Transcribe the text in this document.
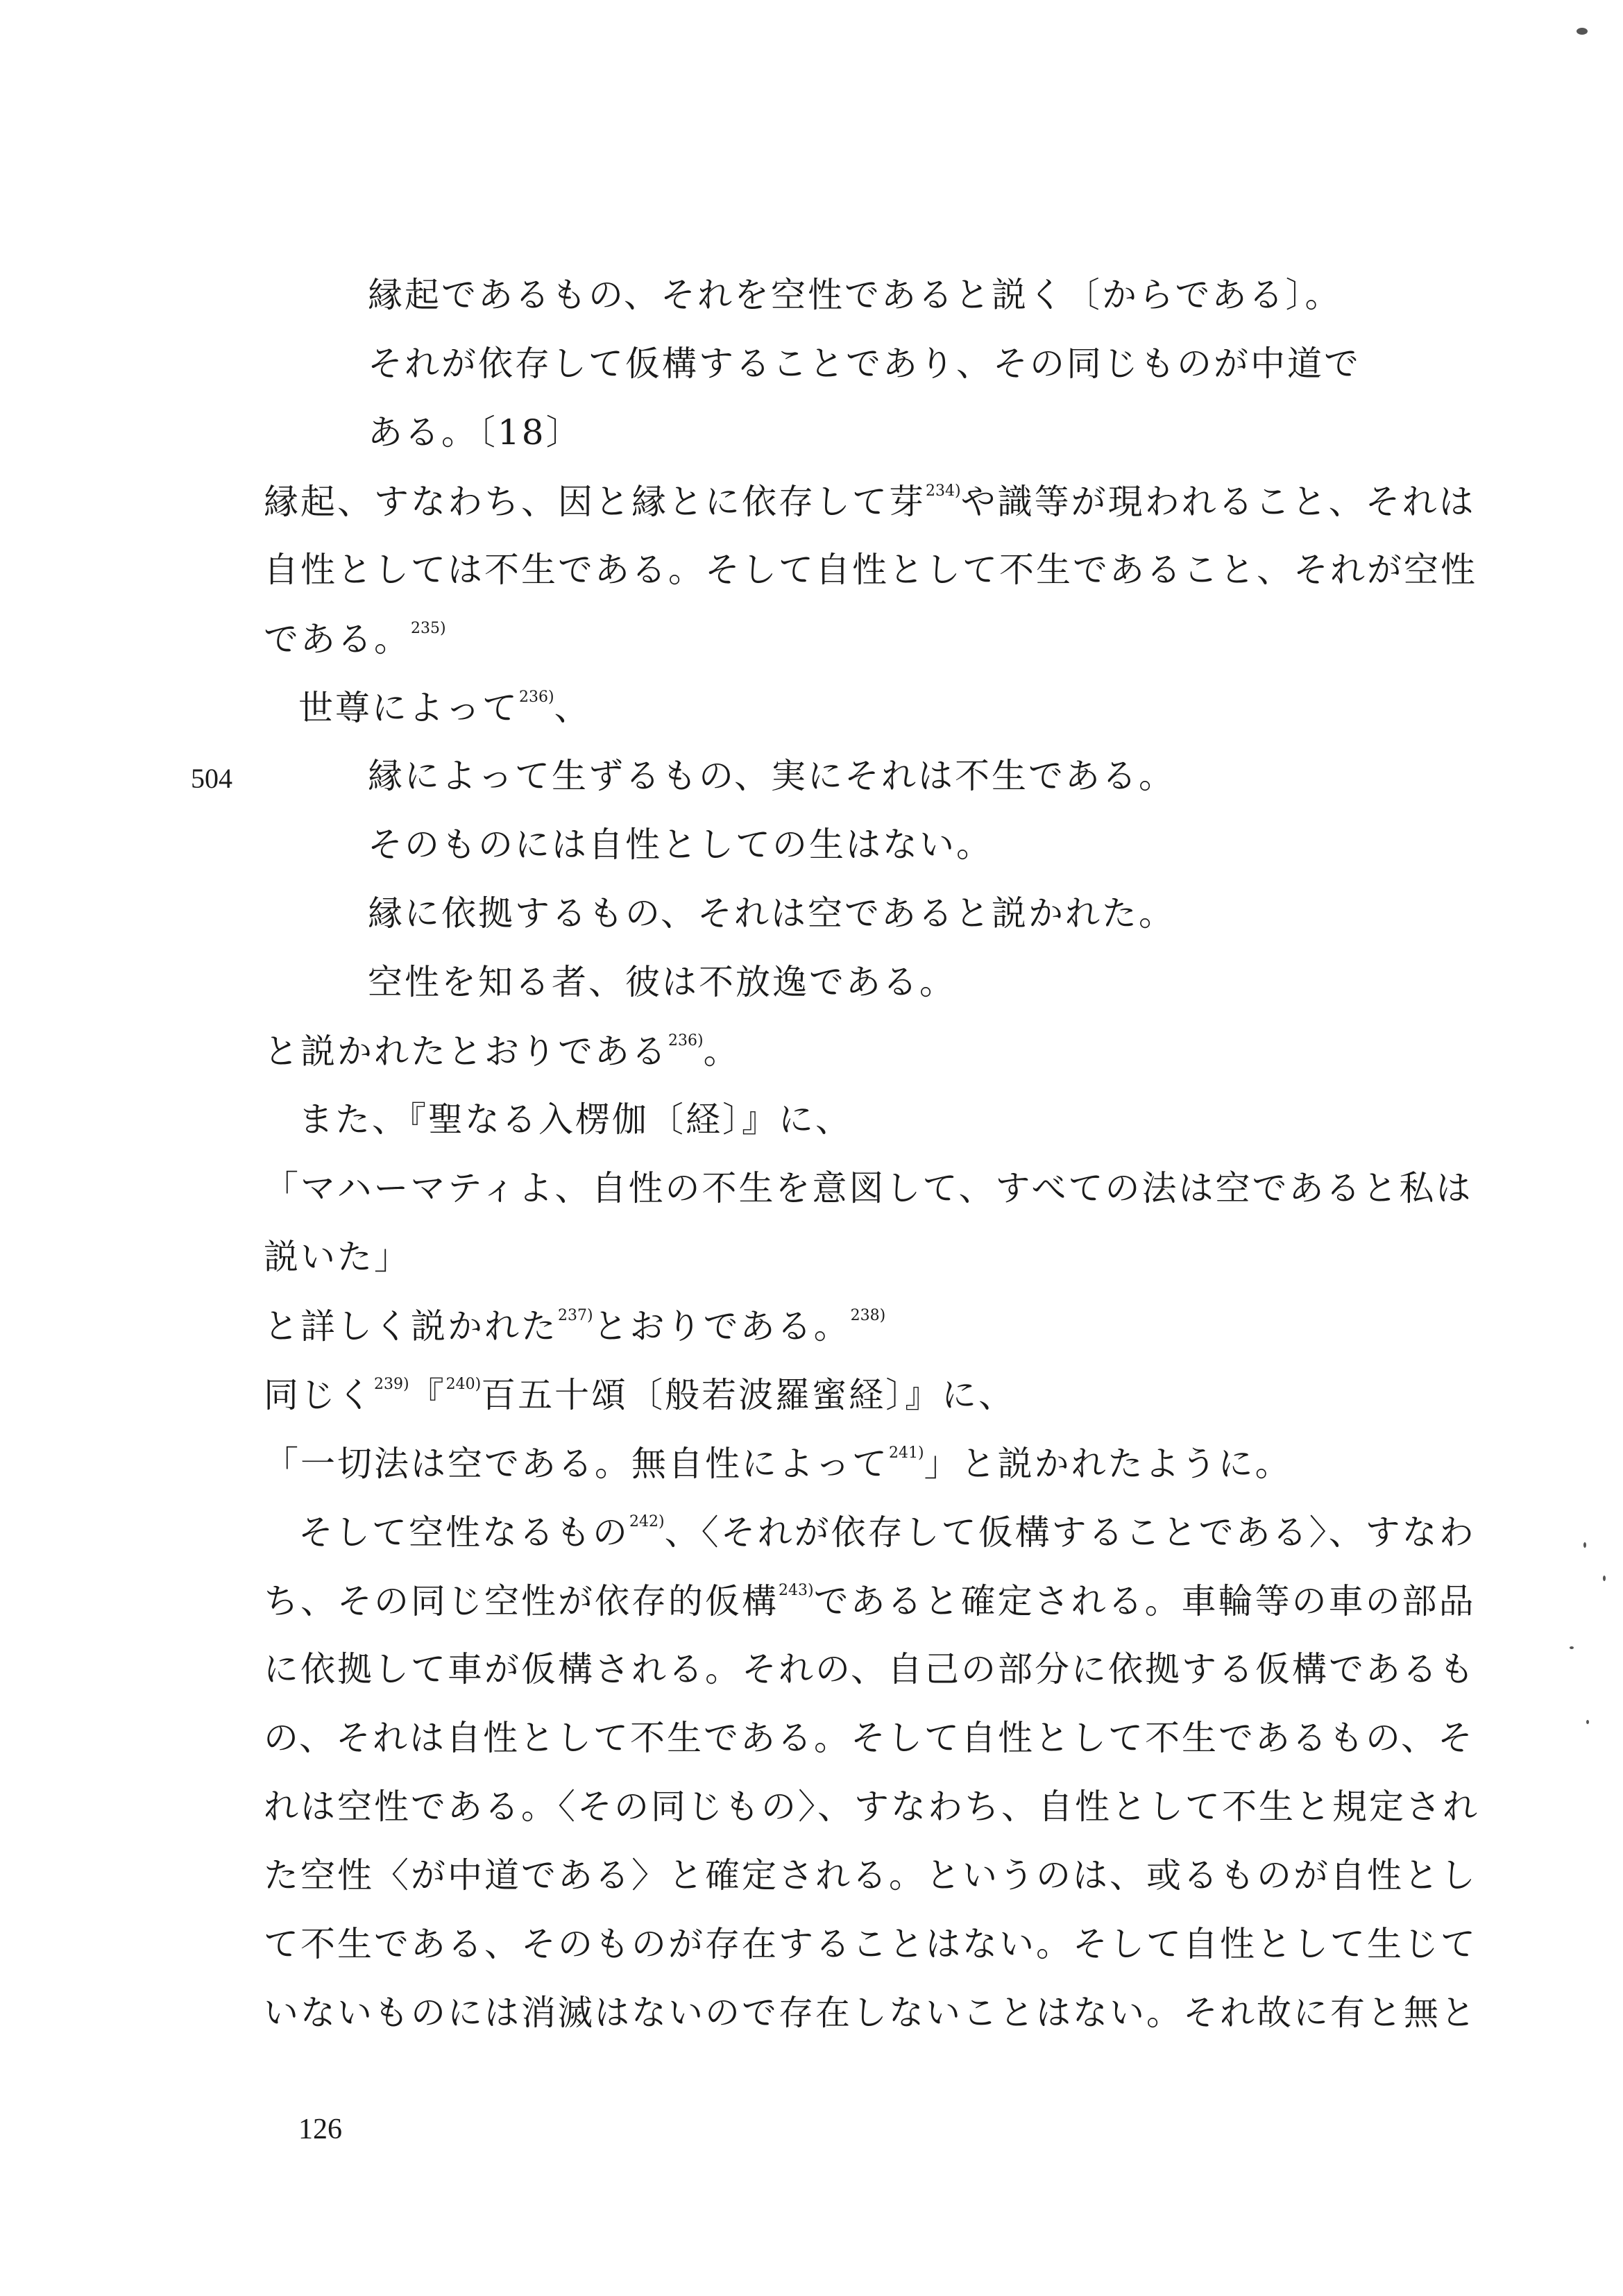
504
縁起であるもの、それを空性であると説く〔からである〕。
それが依存して仮構することであり、その同じものが中道で
ある。〔18〕
縁起、すなわち、因と縁とに依存して芽$^{234)}$や識等が現われること、それは
自性としては不生である。そして自性として不生であること、それが空性
である。$^{235)}$
世尊によって$^{236)}$、
縁によって生ずるもの、実にそれは不生である。
そのものには自性としての生はない。
縁に依拠するもの、それは空であると説かれた。
空性を知る者、彼は不放逸である。
と説かれたとおりである$^{236)}$。
また、『聖なる入楞伽〔経〕』に、
「マハーマティよ、自性の不生を意図して、すべての法は空であると私は
説いた」
と詳しく説かれた$^{237)}$とおりである。$^{238)}$
同じく$^{239)}$『$^{240)}$百五十頌〔般若波羅蜜経〕』に、
「一切法は空である。無自性によって$^{241)}$」と説かれたように。
そして空性なるもの$^{242)}$、〈それが依存して仮構することである〉、すなわ
ち、その同じ空性が依存的仮構$^{243)}$であると確定される。車輪等の車の部品
に依拠して車が仮構される。それの、自己の部分に依拠する仮構であるも
の、それは自性として不生である。そして自性として不生であるもの、そ
れは空性である。〈その同じもの〉、すなわち、自性として不生と規定され
た空性〈が中道である〉と確定される。というのは、或るものが自性とし
て不生である、そのものが存在することはない。そして自性として生じて
いないものには消滅はないので存在しないことはない。それ故に有と無と
126
